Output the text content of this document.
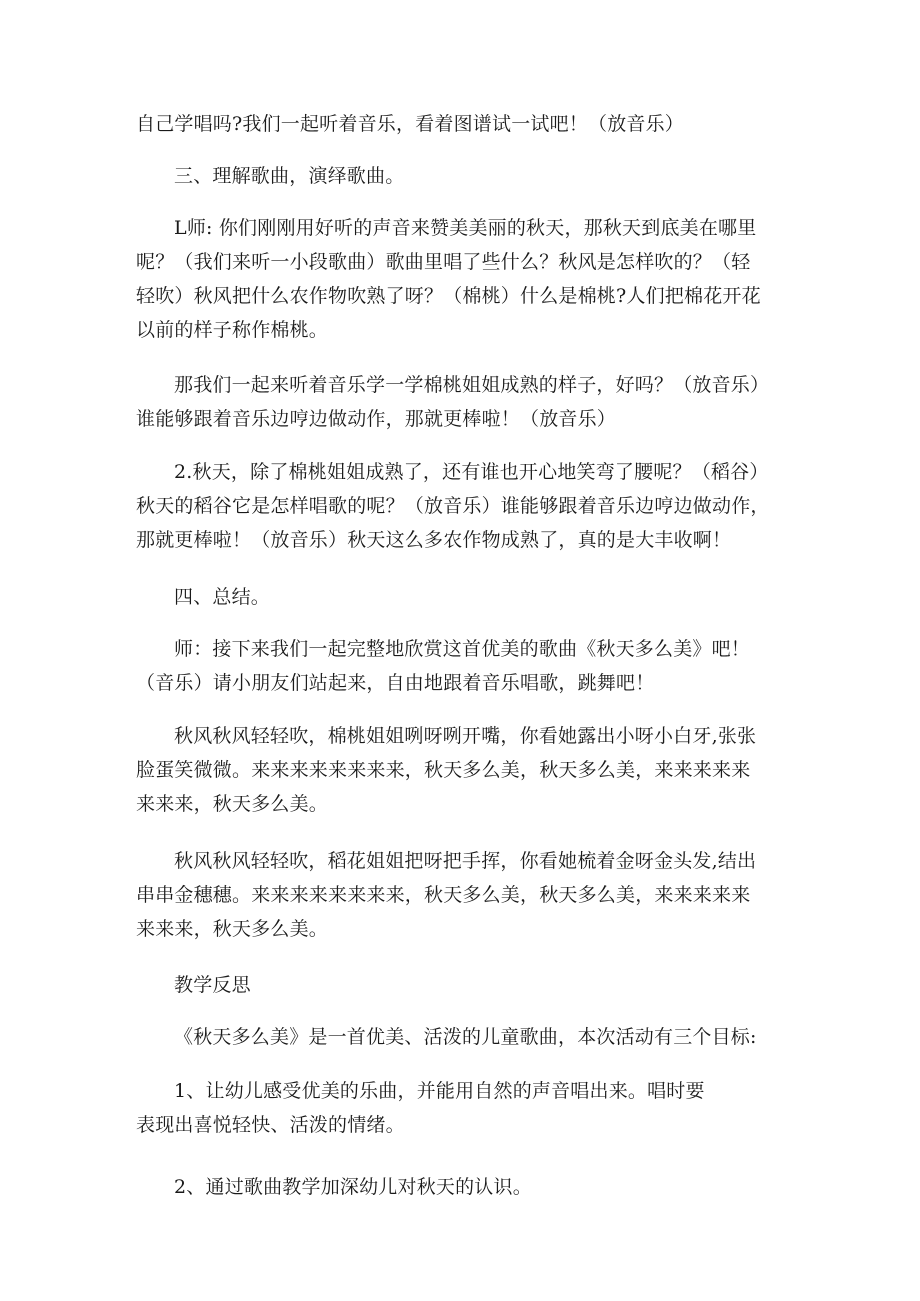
自己学唱吗?我们一起听着音乐，看着图谱试一试吧！（放音乐）
三、理解歌曲，演绎歌曲。
L师: 你们刚刚用好听的声音来赞美美丽的秋天，那秋天到底美在哪里
呢？（我们来听一小段歌曲）歌曲里唱了些什么？秋风是怎样吹的？（轻
轻吹）秋风把什么农作物吹熟了呀？（棉桃）什么是棉桃?人们把棉花开花
以前的样子称作棉桃。
那我们一起来听着音乐学一学棉桃姐姐成熟的样子，好吗？（放音乐）
谁能够跟着音乐边哼边做动作，那就更棒啦！（放音乐）
2.秋天，除了棉桃姐姐成熟了，还有谁也开心地笑弯了腰呢？（稻谷）
秋天的稻谷它是怎样唱歌的呢？（放音乐）谁能够跟着音乐边哼边做动作，
那就更棒啦！（放音乐）秋天这么多农作物成熟了，真的是大丰收啊！
四、总结。
师：接下来我们一起完整地欣赏这首优美的歌曲《秋天多么美》吧！
（音乐）请小朋友们站起来，自由地跟着音乐唱歌，跳舞吧！
秋风秋风轻轻吹，棉桃姐姐咧呀咧开嘴，你看她露出小呀小白牙,张张
脸蛋笑微微。来来来来来来来来，秋天多么美，秋天多么美，来来来来来
来来来，秋天多么美。
秋风秋风轻轻吹，稻花姐姐把呀把手挥，你看她梳着金呀金头发,结出
串串金穗穗。来来来来来来来来，秋天多么美，秋天多么美，来来来来来
来来来，秋天多么美。
教学反思
《秋天多么美》是一首优美、活泼的儿童歌曲，本次活动有三个目标:
1、让幼儿感受优美的乐曲，并能用自然的声音唱出来。唱时要
表现出喜悦轻快、活泼的情绪。
2、通过歌曲教学加深幼儿对秋天的认识。
